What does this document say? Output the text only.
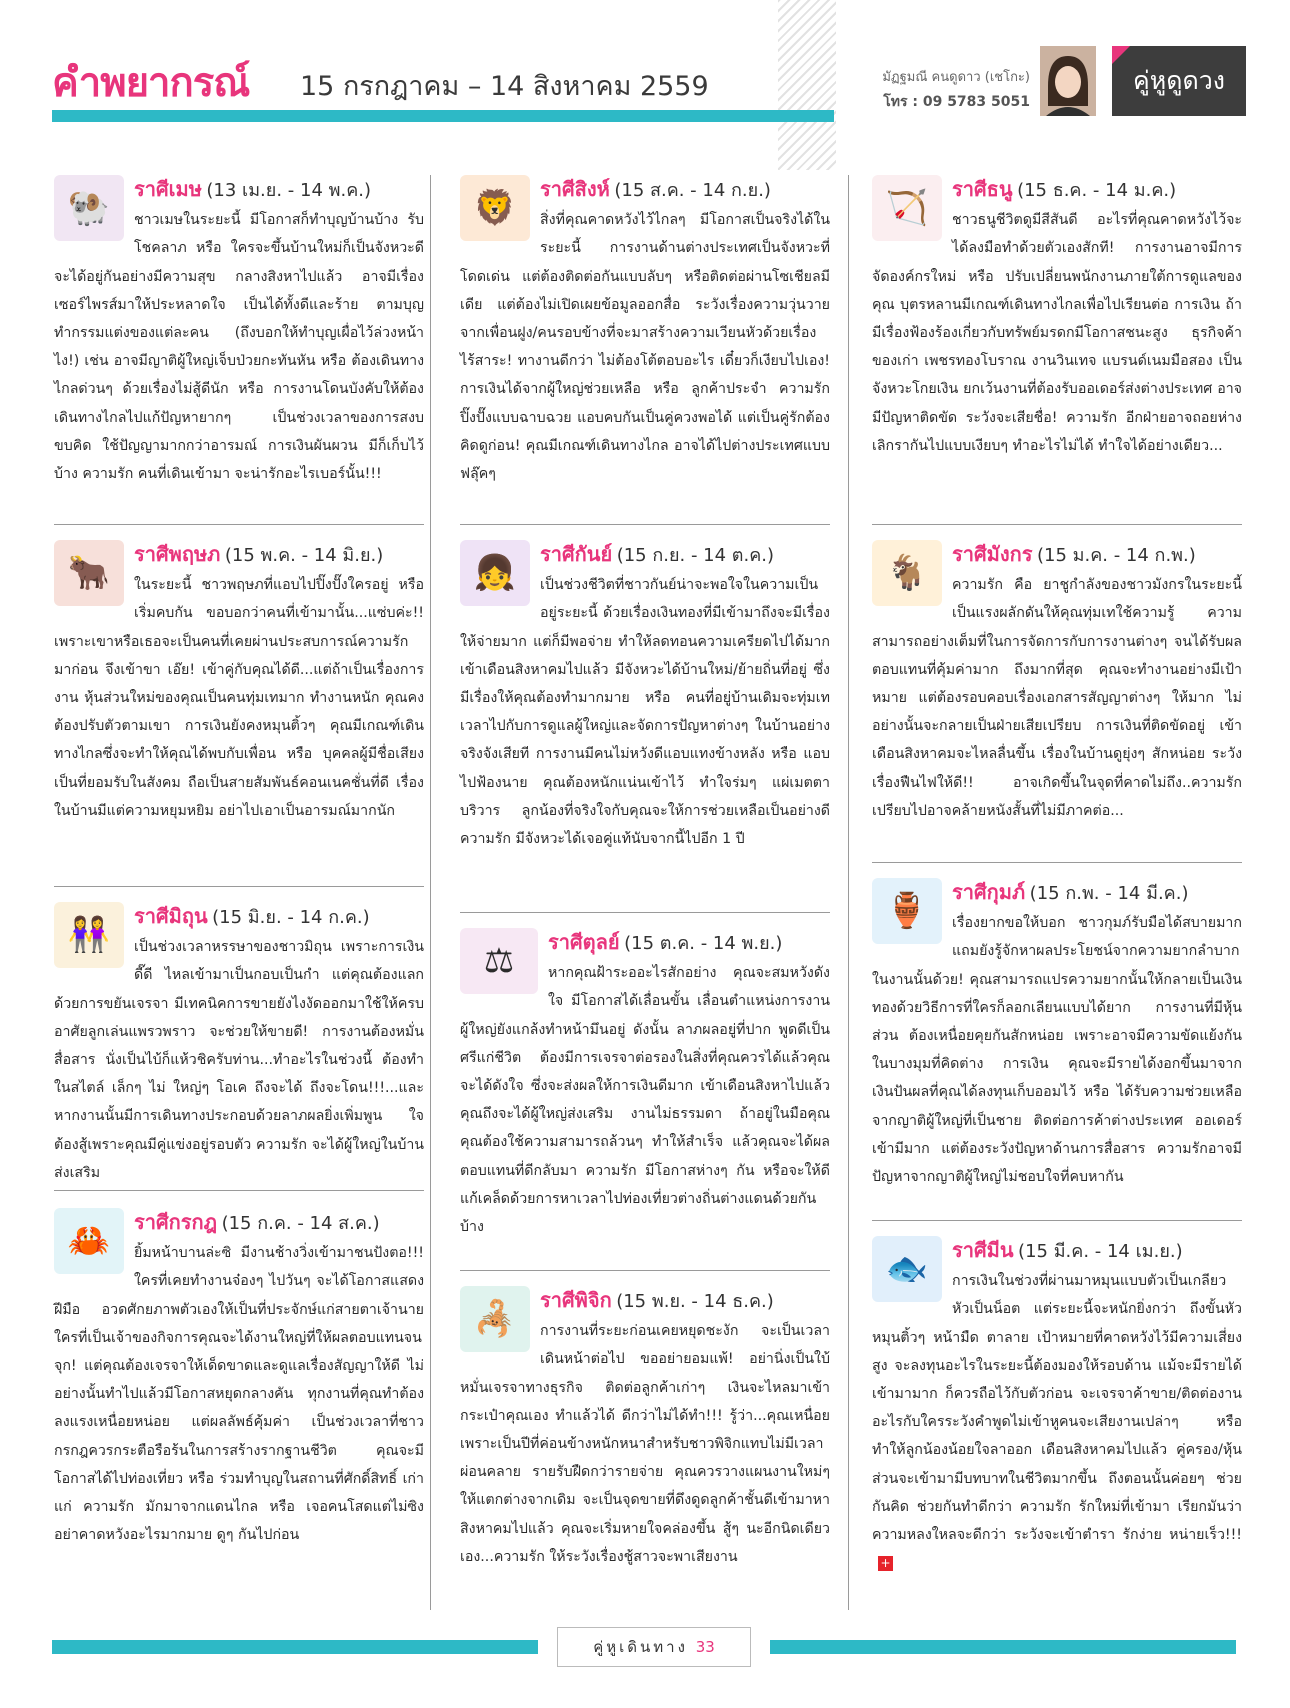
คำพยากรณ์ 15 กรกฎาคม – 14 สิงหาคม 2559	มัฏฐมณี คนดูดาว (เชโกะ)
โทร : 09 5783 5051
คู่หูดูดวง
🐏	ราศีเมษ (13 เม.ย. - 14 พ.ค.)

ชาวเมษในระยะนี้ มีโอกาสก็ทำบุญบ้านบ้าง รับโชคลาภ หรือ ใครจะขึ้นบ้านใหม่ก็เป็นจังหวะดี จะได้อยู่กันอย่างมีความสุข กลางสิงหาไปแล้ว อาจมีเรื่องเซอร์ไพรส์มาให้ประหลาดใจ เป็นได้ทั้งดีและร้าย ตามบุญทำกรรมแต่งของแต่ละคน (ถึงบอกให้ทำบุญเผื่อไว้ล่วงหน้าไง!) เช่น อาจมีญาติผู้ใหญ่เจ็บป่วยกะทันหัน หรือ ต้องเดินทางไกลด่วนๆ ด้วยเรื่องไม่สู้ดีนัก หรือ การงานโดนบังคับให้ต้องเดินทางไกลไปแก้ปัญหายากๆ เป็นช่วงเวลาของการสงบขบคิด ใช้ปัญญามากกว่าอารมณ์ การเงินผันผวน มีก็เก็บไว้บ้าง ความรัก คนที่เดินเข้ามา จะน่ารักอะไรเบอร์นั้น!!!

🐂	ราศีพฤษภ (15 พ.ค. - 14 มิ.ย.)

ในระยะนี้ ชาวพฤษภที่แอบไปปิ๊งปั๊งใครอยู่ หรือ เริ่มคบกัน ขอบอกว่าคนที่เข้ามานั้น...แซ่บค่ะ!! เพราะเขาหรือเธอจะเป็นคนที่เคยผ่านประสบการณ์ความรักมาก่อน จึงเข้าขา เอ๊ย! เข้าคู่กับคุณได้ดี...แต่ถ้าเป็นเรื่องการงาน หุ้นส่วนใหม่ของคุณเป็นคนทุ่มเทมาก ทำงานหนัก คุณคงต้องปรับตัวตามเขา การเงินยังคงหมุนติ้วๆ คุณมีเกณฑ์เดินทางไกลซึ่งจะทำให้คุณได้พบกับเพื่อน หรือ บุคคลผู้มีชื่อเสียงเป็นที่ยอมรับในสังคม ถือเป็นสายสัมพันธ์คอนเนคชั่นที่ดี เรื่องในบ้านมีแต่ความหยุมหยิม อย่าไปเอาเป็นอารมณ์มากนัก

👭	ราศีมิถุน (15 มิ.ย. - 14 ก.ค.)

เป็นช่วงเวลาหรรษาของชาวมิถุน เพราะการเงินดี๊ดี ไหลเข้ามาเป็นกอบเป็นกำ แต่คุณต้องแลกด้วยการขยันเจรจา มีเทคนิคการขายยังไงงัดออกมาใช้ให้ครบ อาศัยลูกเล่นแพรวพราว จะช่วยให้ขายดี! การงานต้องหมั่นสื่อสาร นั่งเป็นไบ้ก็แห้วชิครับท่าน...ทำอะไรในช่วงนี้ ต้องทำในสไตล์ เล็กๆ ไม่ ใหญ่ๆ โอเค ถึงจะได้ ถึงจะโดน!!!...และหากงานนั้นมีการเดินทางประกอบด้วยลาภผลยิ่งเพิ่มพูน ใจต้องสู้เพราะคุณมีคู่แข่งอยู่รอบตัว ความรัก จะได้ผู้ใหญ่ในบ้านส่งเสริม

🦀	ราศีกรกฎ (15 ก.ค. - 14 ส.ค.)

ยิ้มหน้าบานล่ะซิ มีงานช้างวิ่งเข้ามาชนปังตอ!!! ใครที่เคยทำงานจ๋องๆ ไปวันๆ จะได้โอกาสแสดงฝีมือ อวดศักยภาพตัวเองให้เป็นที่ประจักษ์แก่สายตาเจ้านาย ใครที่เป็นเจ้าของกิจการคุณจะได้งานใหญ่ที่ให้ผลตอบแทนจนจุก! แต่คุณต้องเจรจาให้เด็ดขาดและดูแลเรื่องสัญญาให้ดี ไม่อย่างนั้นทำไปแล้วมีโอกาสหยุดกลางคัน ทุกงานที่คุณทำต้องลงแรงเหนื่อยหน่อย แต่ผลลัพธ์คุ้มค่า เป็นช่วงเวลาที่ชาวกรกฎควรกระตือรือร้นในการสร้างรากฐานชีวิต คุณจะมีโอกาสได้ไปท่องเที่ยว หรือ ร่วมทำบุญในสถานที่ศักดิ์สิทธิ์ เก่าแก่ ความรัก มักมาจากแดนไกล หรือ เจอคนโสดแต่ไม่ซิง อย่าคาดหวังอะไรมากมาย ดูๆ กันไปก่อน

🦁	ราศีสิงห์ (15 ส.ค. - 14 ก.ย.)

สิ่งที่คุณคาดหวังไว้ไกลๆ มีโอกาสเป็นจริงได้ในระยะนี้ การงานด้านต่างประเทศเป็นจังหวะที่โดดเด่น แต่ต้องติดต่อกันแบบลับๆ หรือติดต่อผ่านโซเชียลมีเดีย แต่ต้องไม่เปิดเผยข้อมูลออกสื่อ ระวังเรื่องความวุ่นวายจากเพื่อนฝูง/คนรอบข้างที่จะมาสร้างความเวียนหัวด้วยเรื่องไร้สาระ! ทางานดีกว่า ไม่ต้องโต้ตอบอะไร เดี๋ยวก็เงียบไปเอง! การเงินได้จากผู้ใหญ่ช่วยเหลือ หรือ ลูกค้าประจำ ความรัก ปิ๊งปั๊งแบบฉาบฉวย แอบคบกันเป็นคู่ควงพอได้ แต่เป็นคู่รักต้องคิดดูก่อน! คุณมีเกณฑ์เดินทางไกล อาจได้ไปต่างประเทศแบบฟลุ๊คๆ

👧	ราศีกันย์ (15 ก.ย. - 14 ต.ค.)

เป็นช่วงชีวิตที่ชาวกันย์น่าจะพอใจในความเป็นอยู่ระยะนี้ ด้วยเรื่องเงินทองที่มีเข้ามาถึงจะมีเรื่องให้จ่ายมาก แต่ก็มีพอจ่าย ทำให้ลดทอนความเครียดไปได้มาก เข้าเดือนสิงหาคมไปแล้ว มีจังหวะได้บ้านใหม่/ย้ายถิ่นที่อยู่ ซึ่งมีเรื่องให้คุณต้องทำมากมาย หรือ คนที่อยู่บ้านเดิมจะทุ่มเทเวลาไปกับการดูแลผู้ใหญ่และจัดการปัญหาต่างๆ ในบ้านอย่างจริงจังเสียที การงานมีคนไม่หวังดีแอบแทงข้างหลัง หรือ แอบไปฟ้องนาย คุณต้องหนักแน่นเข้าไว้ ทำใจร่มๆ แผ่เมตตา บริวาร ลูกน้องที่จริงใจกับคุณจะให้การช่วยเหลือเป็นอย่างดี ความรัก มีจังหวะได้เจอคู่แท้นับจากนี้ไปอีก 1 ปี

⚖	ราศีตุลย์ (15 ต.ค. - 14 พ.ย.)

หากคุณฝ้าระออะไรสักอย่าง คุณจะสมหวังดังใจ มีโอกาสได้เลื่อนขั้น เลื่อนตำแหน่งการงาน ผู้ใหญ่ยังแกล้งทำหน้ามึนอยู่ ดังนั้น ลาภผลอยู่ที่ปาก พูดดีเป็นศรีแก่ชีวิต ต้องมีการเจรจาต่อรองในสิ่งที่คุณควรได้แล้วคุณจะได้ดังใจ ซึ่งจะส่งผลให้การเงินดีมาก เข้าเดือนสิงหาไปแล้ว คุณถึงจะได้ผู้ใหญ่ส่งเสริม งานไม่ธรรมดา ถ้าอยู่ในมือคุณ คุณต้องใช้ความสามารถล้วนๆ ทำให้สำเร็จ แล้วคุณจะได้ผลตอบแทนที่ดีกลับมา ความรัก มีโอกาสห่างๆ กัน หรือจะให้ดีแก้เคล็ดด้วยการหาเวลาไปท่องเที่ยวต่างถิ่นต่างแดนด้วยกันบ้าง

🦂	ราศีพิจิก (15 พ.ย. - 14 ธ.ค.)

การงานที่ระยะก่อนเคยหยุดชะงัก จะเป็นเวลาเดินหน้าต่อไป ขออย่ายอมแพ้! อย่านิ่งเป็นใบ้ หมั่นเจรจาทางธุรกิจ ติดต่อลูกค้าเก่าๆ เงินจะไหลมาเข้ากระเป๋าคุณเอง ทำแล้วได้ ดีกว่าไม่ได้ทำ!!! รู้ว่า...คุณเหนื่อย เพราะเป็นปีที่ค่อนข้างหนักหนาสำหรับชาวพิจิกแทบไม่มีเวลาผ่อนคลาย รายรับฝืดกว่ารายจ่าย คุณควรวางแผนงานใหม่ๆ ให้แตกต่างจากเดิม จะเป็นจุดขายที่ดึงดูดลูกค้าชั้นดีเข้ามาหา สิงหาคมไปแล้ว คุณจะเริ่มหายใจคล่องขึ้น สู้ๆ นะอีกนิดเดียวเอง...ความรัก ให้ระวังเรื่องชู้สาวจะพาเสียงาน

🏹	ราศีธนู (15 ธ.ค. - 14 ม.ค.)

ชาวธนูชีวิตดูมีสีสันดี อะไรที่คุณคาดหวังไว้จะได้ลงมือทำด้วยตัวเองสักที! การงานอาจมีการจัดองค์กรใหม่ หรือ ปรับเปลี่ยนพนักงานภายใต้การดูแลของคุณ บุตรหลานมีเกณฑ์เดินทางไกลเพื่อไปเรียนต่อ การเงิน ถ้ามีเรื่องฟ้องร้องเกี่ยวกับทรัพย์มรดกมีโอกาสชนะสูง ธุรกิจค้าของเก่า เพชรทองโบราณ งานวินเทจ แบรนด์เนมมือสอง เป็นจังหวะโกยเงิน ยกเว้นงานที่ต้องรับออเดอร์ส่งต่างประเทศ อาจมีปัญหาติดขัด ระวังจะเสียชื่อ! ความรัก อีกฝ่ายอาจถอยห่างเลิกรากันไปแบบเงียบๆ ทำอะไรไม่ได้ ทำใจได้อย่างเดียว...

🐐	ราศีมังกร (15 ม.ค. - 14 ก.พ.)

ความรัก คือ ยาชูกำลังของชาวมังกรในระยะนี้ เป็นแรงผลักดันให้คุณทุ่มเทใช้ความรู้ ความสามารถอย่างเต็มที่ในการจัดการกับการงานต่างๆ จนได้รับผลตอบแทนที่คุ้มค่ามาก ถึงมากที่สุด คุณจะทำงานอย่างมีเป้าหมาย แต่ต้องรอบคอบเรื่องเอกสารสัญญาต่างๆ ให้มาก ไม่อย่างนั้นจะกลายเป็นฝ่ายเสียเปรียบ การเงินที่ติดขัดอยู่ เข้าเดือนสิงหาคมจะไหลลื่นขึ้น เรื่องในบ้านดูยุ่งๆ สักหน่อย ระวังเรื่องฟืนไฟให้ดี!! อาจเกิดขึ้นในจุดที่คาดไม่ถึง..ความรักเปรียบไปอาจคล้ายหนังสั้นที่ไม่มีภาคต่อ...

🏺	ราศีกุมภ์ (15 ก.พ. - 14 มี.ค.)

เรื่องยากขอให้บอก ชาวกุมภ์รับมือได้สบายมาก แถมยังรู้จักหาผลประโยชน์จากความยากลำบากในงานนั้นด้วย! คุณสามารถแปรความยากนั้นให้กลายเป็นเงินทองด้วยวิธีการที่ใครก็ลอกเลียนแบบได้ยาก การงานที่มีหุ้นส่วน ต้องเหนื่อยคุยกันสักหน่อย เพราะอาจมีความขัดแย้งกันในบางมุมที่คิดต่าง การเงิน คุณจะมีรายได้งอกขึ้นมาจากเงินปันผลที่คุณได้ลงทุนเก็บออมไว้ หรือ ได้รับความช่วยเหลือจากญาติผู้ใหญ่ที่เป็นชาย ติดต่อการค้าต่างประเทศ ออเดอร์เข้ามีมาก แต่ต้องระวังปัญหาด้านการสื่อสาร ความรักอาจมีปัญหาจากญาติผู้ใหญ่ไม่ชอบใจที่คบหากัน

🐟	ราศีมีน (15 มี.ค. - 14 เม.ย.)

การเงินในช่วงที่ผ่านมาหมุนแบบตัวเป็นเกลียว หัวเป็นน็อต แต่ระยะนี้จะหนักยิ่งกว่า ถึงขั้นหัวหมุนติ้วๆ หน้ามืด ตาลาย เป้าหมายที่คาดหวังไว้มีความเสี่ยงสูง จะลงทุนอะไรในระยะนี้ต้องมองให้รอบด้าน แม้จะมีรายได้เข้ามามาก ก็ควรถือไว้กับตัวก่อน จะเจรจาค้าขาย/ติดต่องานอะไรกับใครระวังคำพูดไม่เข้าหูคนจะเสียงานเปล่าๆ หรือ ทำให้ลูกน้องน้อยใจลาออก เดือนสิงหาคมไปแล้ว คู่ครอง/หุ้นส่วนจะเข้ามามีบทบาทในชีวิตมากขึ้น ถึงตอนนั้นค่อยๆ ช่วยกันคิด ช่วยกันทำดีกว่า ความรัก รักใหม่ที่เข้ามา เรียกมันว่า ความหลงใหลจะดีกว่า ระวังจะเข้าตำรา รักง่าย หน่ายเร็ว!!!+

คู่หูเดินทาง 33
